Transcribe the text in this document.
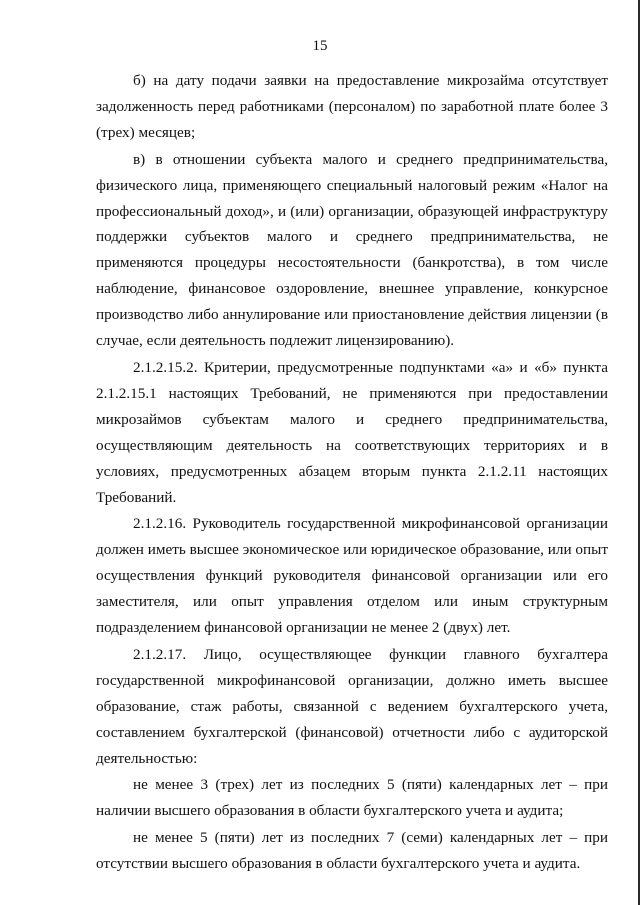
15

б) на дату подачи заявки на предоставление микрозайма отсутствует задолженность перед работниками (персоналом) по заработной плате более 3 (трех) месяцев;

в) в отношении субъекта малого и среднего предпринимательства, физического лица, применяющего специальный налоговый режим «Налог на профессиональный доход», и (или) организации, образующей инфраструктуру поддержки субъектов малого и среднего предпринимательства, не применяются процедуры несостоятельности (банкротства), в том числе наблюдение, финансовое оздоровление, внешнее управление, конкурсное производство либо аннулирование или приостановление действия лицензии (в случае, если деятельность подлежит лицензированию).

2.1.2.15.2. Критерии, предусмотренные подпунктами «а» и «б» пункта 2.1.2.15.1 настоящих Требований, не применяются при предоставлении микрозаймов субъектам малого и среднего предпринимательства, осуществляющим деятельность на соответствующих территориях и в условиях, предусмотренных абзацем вторым пункта 2.1.2.11 настоящих Требований.

2.1.2.16. Руководитель государственной микрофинансовой организации должен иметь высшее экономическое или юридическое образование, или опыт осуществления функций руководителя финансовой организации или его заместителя, или опыт управления отделом или иным структурным подразделением финансовой организации не менее 2 (двух) лет.

2.1.2.17. Лицо, осуществляющее функции главного бухгалтера государственной микрофинансовой организации, должно иметь высшее образование, стаж работы, связанной с ведением бухгалтерского учета, составлением бухгалтерской (финансовой) отчетности либо с аудиторской деятельностью:

не менее 3 (трех) лет из последних 5 (пяти) календарных лет – при наличии высшего образования в области бухгалтерского учета и аудита;

не менее 5 (пяти) лет из последних 7 (семи) календарных лет – при отсутствии высшего образования в области бухгалтерского учета и аудита.
